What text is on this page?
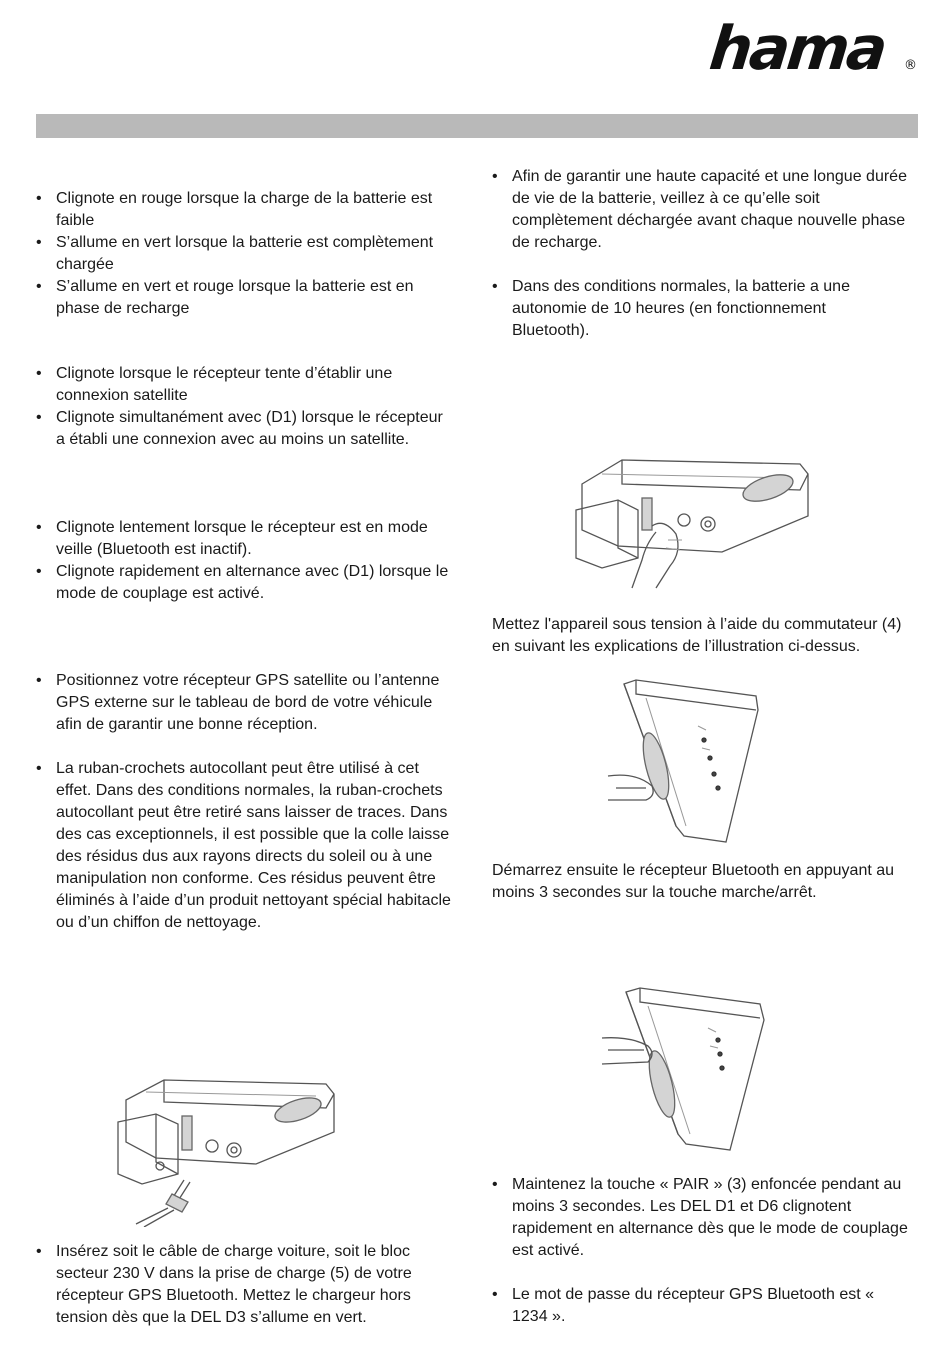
hama ®
• Clignote en rouge lorsque la charge de la batterie est faible
• S’allume en vert lorsque la batterie est complètement chargée
• S’allume en vert et rouge lorsque la batterie est en phase de recharge
• Clignote lorsque le récepteur tente d’établir une connexion satellite
• Clignote simultanément avec (D1) lorsque le récepteur a établi une connexion avec au moins un satellite.
• Clignote lentement lorsque le récepteur est en mode veille (Bluetooth est inactif).
• Clignote rapidement en alternance avec (D1) lorsque le mode de couplage est activé.
• Positionnez votre récepteur GPS satellite ou l’antenne GPS externe sur le tableau de bord de votre véhicule afin de garantir une bonne réception.
• La ruban-crochets autocollant peut être utilisé à cet effet. Dans des conditions normales, la ruban-crochets autocollant peut être retiré sans laisser de traces. Dans des cas exceptionnels, il est possible que la colle laisse des résidus dus aux rayons directs du soleil ou à une manipulation non conforme. Ces résidus peuvent être éliminés à l’aide d’un produit nettoyant spécial habitacle ou d’un chiffon de nettoyage.
• Insérez soit le câble de charge voiture, soit le bloc secteur 230 V dans la prise de charge (5) de votre récepteur GPS Bluetooth. Mettez le chargeur hors tension dès que la DEL D3 s’allume en vert.
• Afin de garantir une haute capacité et une longue durée de vie de la batterie, veillez à ce qu’elle soit complètement déchargée avant chaque nouvelle phase de recharge.
• Dans des conditions normales, la batterie a une autonomie de 10 heures (en fonctionnement Bluetooth).

Mettez l'appareil sous tension à l’aide du commutateur (4) en suivant les explications de l’illustration ci-dessus.

Démarrez ensuite le récepteur Bluetooth en appuyant au moins 3 secondes sur la touche marche/arrêt.

• Maintenez la touche « PAIR » (3) enfoncée pendant au moins 3 secondes. Les DEL D1 et D6 clignotent rapidement en alternance dès que le mode de couplage est activé.
• Le mot de passe du récepteur GPS Bluetooth est « 1234 ».
